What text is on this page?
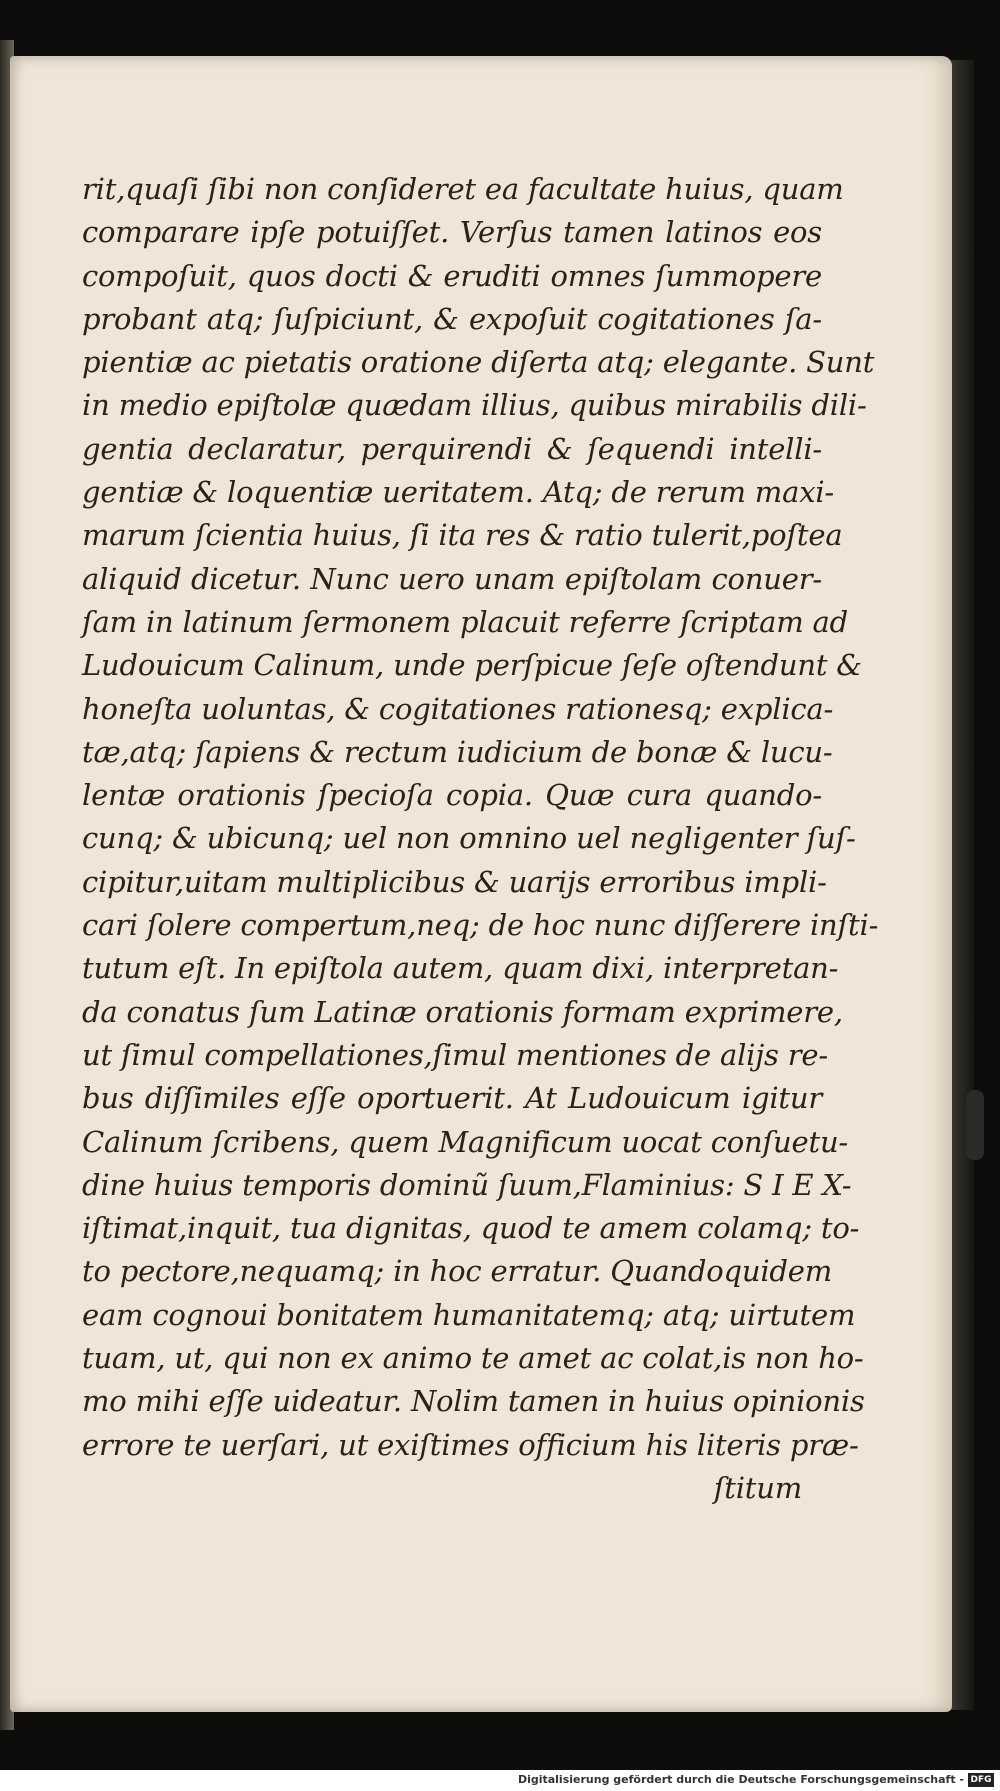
rit,quaſi ſibi non conſideret ea facultate huius, quam
comparare ipſe potuiſſet. Verſus tamen latinos eos
compoſuit, quos docti & eruditi omnes ſummopere
probant atq; ſuſpiciunt, & expoſuit cogitationes ſa-
pientiæ ac pietatis oratione diſerta atq; elegante. Sunt
in medio epiſtolæ quædam illius, quibus mirabilis dili-
gentia declaratur, perquirendi & ſequendi intelli-
gentiæ & loquentiæ ueritatem. Atq; de rerum maxi-
marum ſcientia huius, ſi ita res & ratio tulerit,poſtea
aliquid dicetur. Nunc uero unam epiſtolam conuer-
ſam in latinum ſermonem placuit referre ſcriptam ad
Ludouicum Calinum, unde perſpicue ſeſe oſtendunt &
honeſta uoluntas, & cogitationes rationesq; explica-
tæ,atq; ſapiens & rectum iudicium de bonæ & lucu-
lentæ orationis ſpecioſa copia. Quæ cura quando-
cunq; & ubicunq; uel non omnino uel negligenter ſuſ-
cipitur,uitam multiplicibus & uarijs erroribus impli-
cari ſolere compertum,neq; de hoc nunc diſſerere inſti-
tutum eſt. In epiſtola autem, quam dixi, interpretan-
da conatus ſum Latinæ orationis formam exprimere,
ut ſimul compellationes,ſimul mentiones de alijs re-
bus diſſimiles eſſe oportuerit. At Ludouicum igitur
Calinum ſcribens, quem Magnificum uocat conſuetu-
dine huius temporis dominũ ſuum,Flaminius: S I E X-
iſtimat,inquit, tua dignitas, quod te amem colamq; to-
to pectore,nequamq; in hoc erratur. Quandoquidem
eam cognoui bonitatem humanitatemq; atq; uirtutem
tuam, ut, qui non ex animo te amet ac colat,is non ho-
mo mihi eſſe uideatur. Nolim tamen in huius opinionis
errore te uerſari, ut exiſtimes officium his literis præ-
ſtitum
Digitalisierung gefördert durch die Deutsche Forschungsgemeinschaft - DFG
